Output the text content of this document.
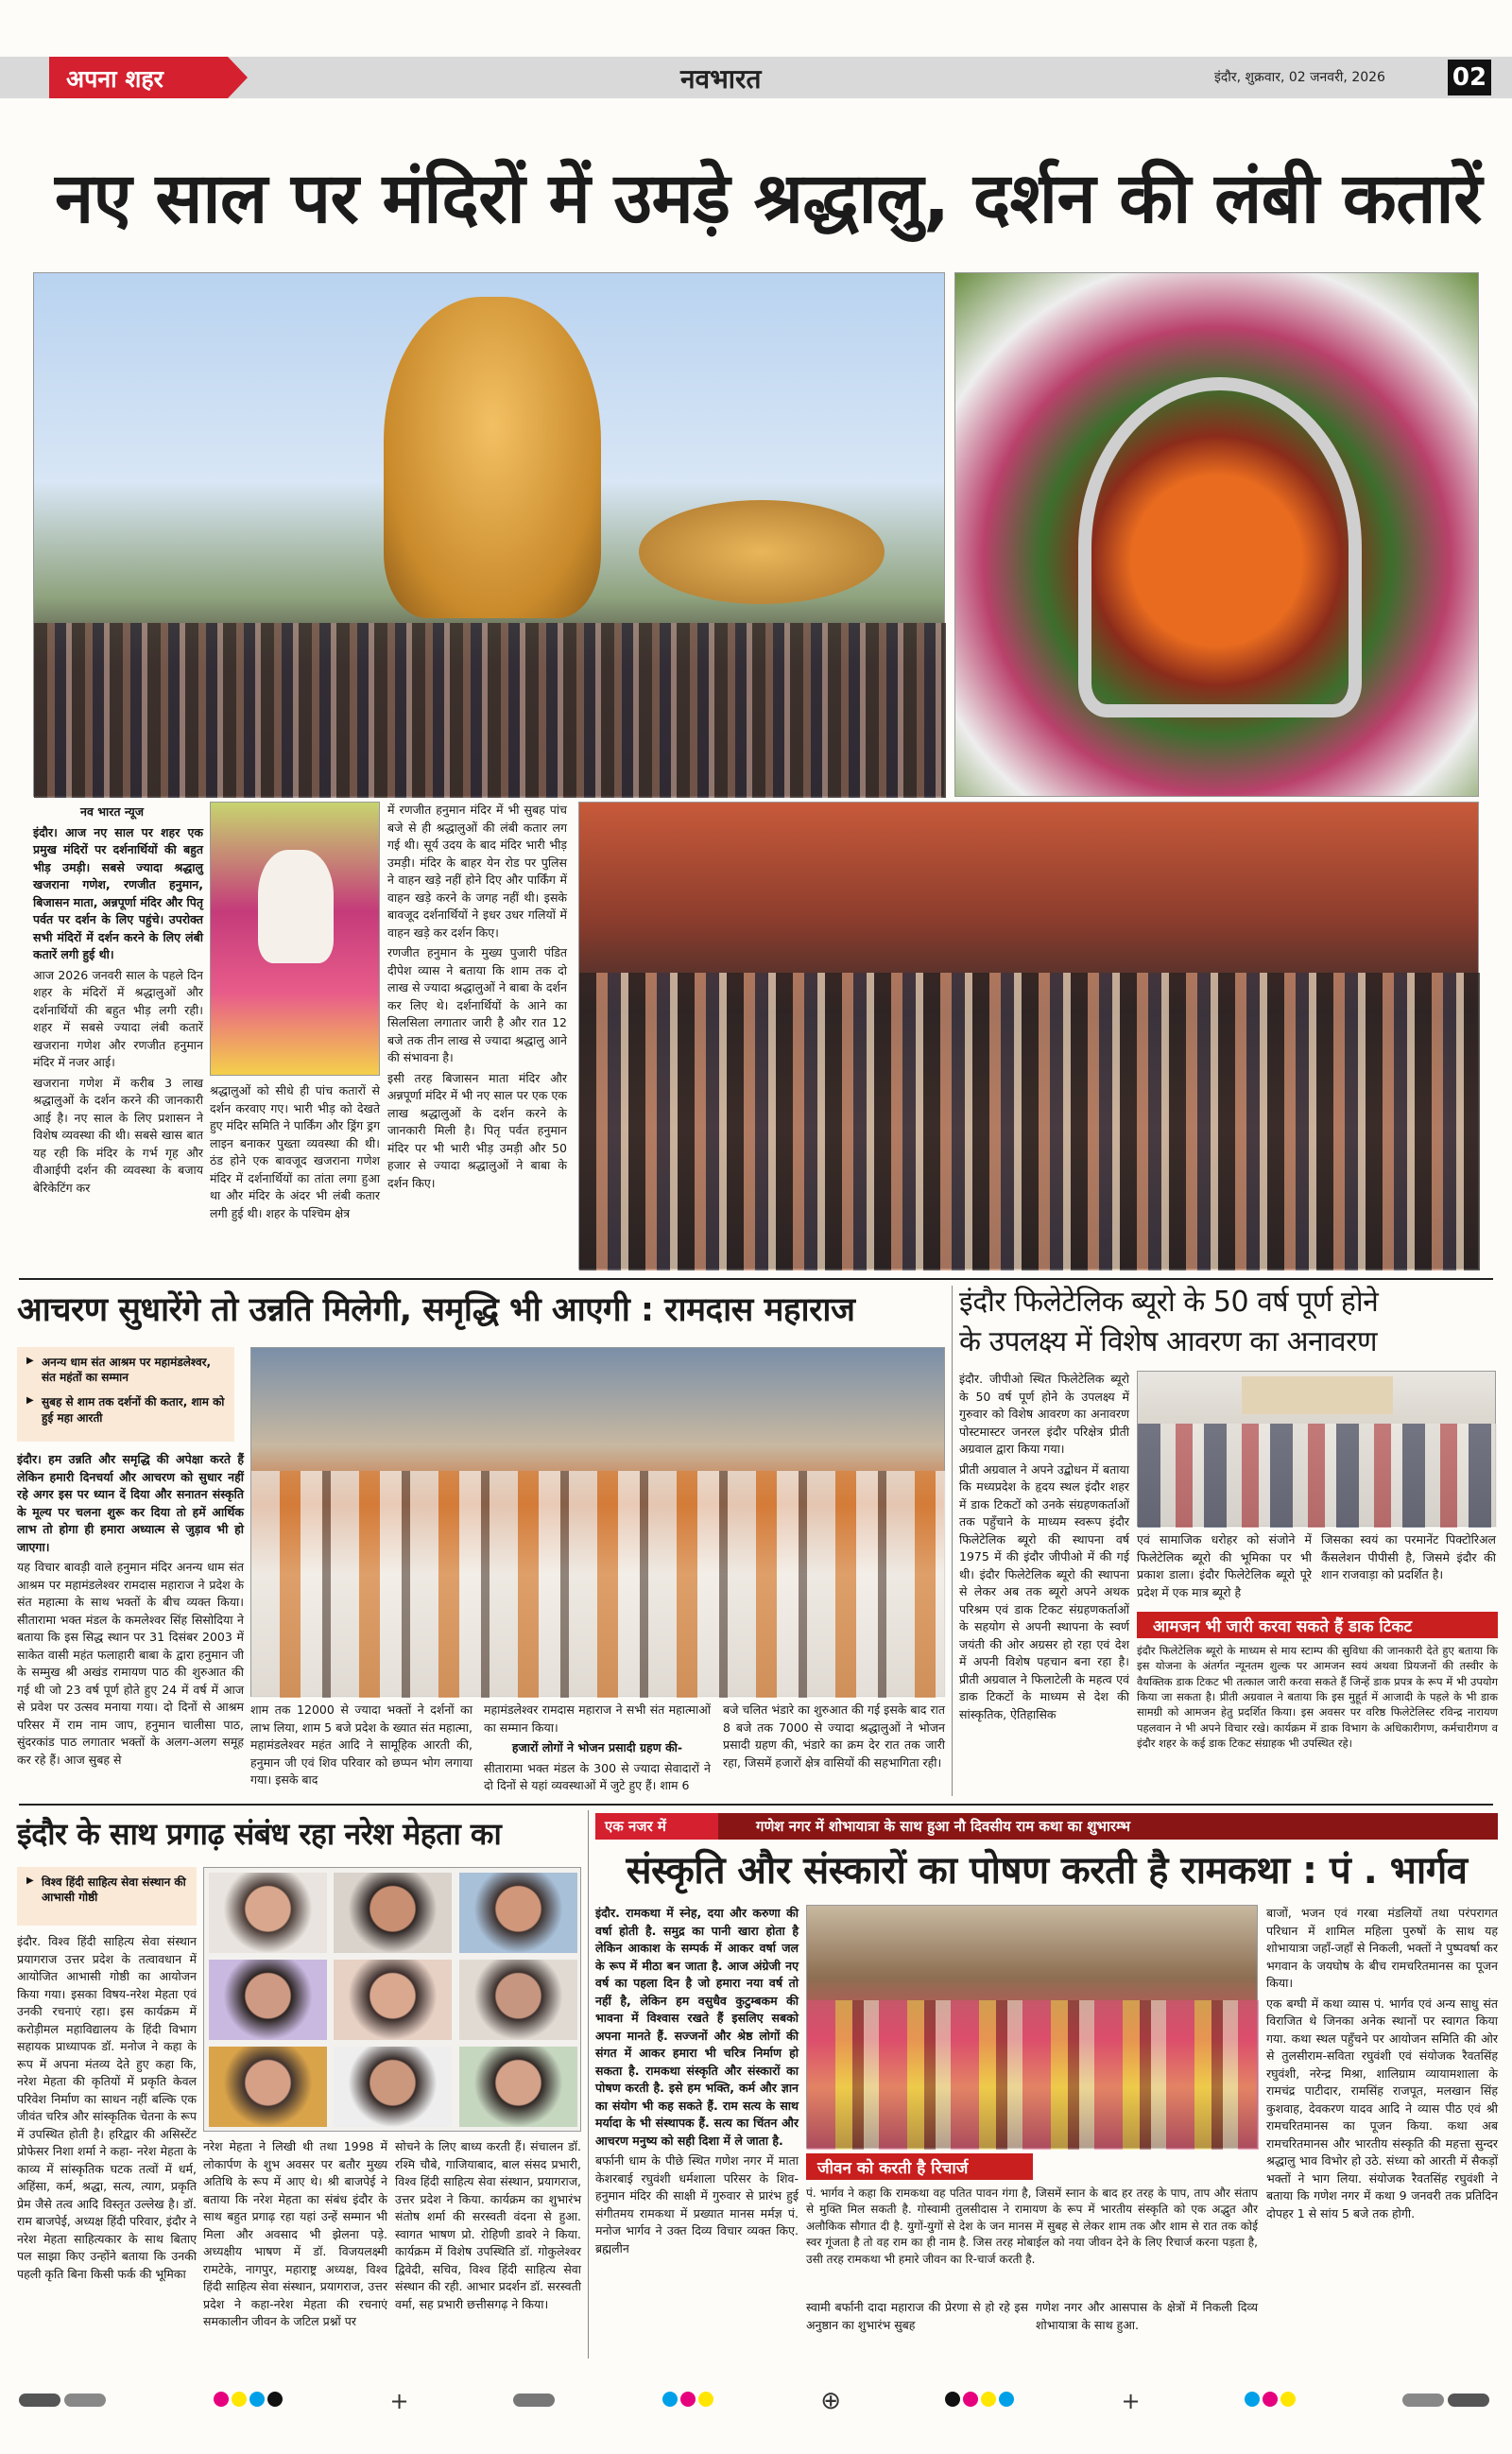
अपना शहर	नवभारत	इंदौर, शुक्रवार, 02 जनवरी, 2026	02
नए साल पर मंदिरों में उमड़े श्रद्धालु, दर्शन की लंबी कतारें

नव भारत न्यूज

इंदौर। आज नए साल पर शहर एक प्रमुख मंदिरों पर दर्शनार्थियों की बहुत भीड़ उमड़ी। सबसे ज्यादा श्रद्धालु खजराना गणेश, रणजीत हनुमान, बिजासन माता, अन्नपूर्णा मंदिर और पितृ पर्वत पर दर्शन के लिए पहुंचे। उपरोक्त सभी मंदिरों में दर्शन करने के लिए लंबी कतारें लगी हुई थी।

आज 2026 जनवरी साल के पहले दिन शहर के मंदिरों में श्रद्धालुओं और दर्शनार्थियों की बहुत भीड़ लगी रही। शहर में सबसे ज्यादा लंबी कतारें खजराना गणेश और रणजीत हनुमान मंदिर में नजर आई।

खजराना गणेश में करीब 3 लाख श्रद्धालुओं के दर्शन करने की जानकारी आई है। नए साल के लिए प्रशासन ने विशेष व्यवस्था की थी। सबसे खास बात यह रही कि मंदिर के गर्भ गृह और वीआईपी दर्शन की व्यवस्था के बजाय बेरिकेटिंग कर

श्रद्धालुओं को सीधे ही पांच कतारों से दर्शन करवाए गए। भारी भीड़ को देखते हुए मंदिर समिति ने पार्किंग और ड्रिंग ड्रग लाइन बनाकर पुख्ता व्यवस्था की थी। ठंड होने एक बावजूद खजराना गणेश मंदिर में दर्शनार्थियों का तांता लगा हुआ था और मंदिर के अंदर भी लंबी कतार लगी हुई थी। शहर के पश्चिम क्षेत्र

में रणजीत हनुमान मंदिर में भी सुबह पांच बजे से ही श्रद्धालुओं की लंबी कतार लग गई थी। सूर्य उदय के बाद मंदिर भारी भीड़ उमड़ी। मंदिर के बाहर येन रोड पर पुलिस ने वाहन खड़े नहीं होने दिए और पार्किंग में वाहन खड़े करने के जगह नहीं थी। इसके बावजूद दर्शनार्थियों ने इधर उधर गलियों में वाहन खड़े कर दर्शन किए।

रणजीत हनुमान के मुख्य पुजारी पंडित दीपेश व्यास ने बताया कि शाम तक दो लाख से ज्यादा श्रद्धालुओं ने बाबा के दर्शन कर लिए थे। दर्शनार्थियों के आने का सिलसिला लगातार जारी है और रात 12 बजे तक तीन लाख से ज्यादा श्रद्धालु आने की संभावना है।

इसी तरह बिजासन माता मंदिर और अन्नपूर्णा मंदिर में भी नए साल पर एक एक लाख श्रद्धालुओं के दर्शन करने के जानकारी मिली है। पितृ पर्वत हनुमान मंदिर पर भी भारी भीड़ उमड़ी और 50 हजार से ज्यादा श्रद्धालुओं ने बाबा के दर्शन किए।

आचरण सुधारेंगे तो उन्नति मिलेगी, समृद्धि भी आएगी : रामदास महाराज
▶ अनन्य धाम संत आश्रम पर महामंडलेश्वर, संत महंतों का सम्मान
▶ सुबह से शाम तक दर्शनों की कतार, शाम को हुई महा आरती

इंदौर। हम उन्नति और समृद्धि की अपेक्षा करते हैं लेकिन हमारी दिनचर्या और आचरण को सुधार नहीं रहे अगर इस पर ध्यान दें दिया और सनातन संस्कृति के मूल्य पर चलना शुरू कर दिया तो हमें आर्थिक लाभ तो होगा ही हमारा अध्यात्म से जुड़ाव भी हो जाएगा।

यह विचार बावड़ी वाले हनुमान मंदिर अनन्य धाम संत आश्रम पर महामंडलेश्वर रामदास महाराज ने प्रदेश के संत महात्मा के साथ भक्तों के बीच व्यक्त किया। सीतारामा भक्त मंडल के कमलेश्वर सिंह सिसोदिया ने बताया कि इस सिद्ध स्थान पर 31 दिसंबर 2003 में साकेत वासी महंत फलाहारी बाबा के द्वारा हनुमान जी के सम्मुख श्री अखंड रामायण पाठ की शुरुआत की गई थी जो 23 वर्ष पूर्ण होते हुए 24 में वर्ष में आज से प्रवेश पर उत्सव मनाया गया। दो दिनों से आश्रम परिसर में राम नाम जाप, हनुमान चालीसा पाठ, सुंदरकांड पाठ लगातार भक्तों के अलग-अलग समूह कर रहे हैं। आज सुबह से

शाम तक 12000 से ज्यादा भक्तों ने दर्शनों का लाभ लिया, शाम 5 बजे प्रदेश के ख्यात संत महात्मा, महामंडलेश्वर महंत आदि ने सामूहिक आरती की, हनुमान जी एवं शिव परिवार को छप्पन भोग लगाया गया। इसके बाद

महामंडलेश्वर रामदास महाराज ने सभी संत महात्माओं का सम्मान किया।

हजारों लोगों ने भोजन प्रसादी ग्रहण की-

सीतारामा भक्त मंडल के 300 से ज्यादा सेवादारों ने दो दिनों से यहां व्यवस्थाओं में जुटे हुए हैं। शाम 6

बजे चलित भंडारे का शुरुआत की गई इसके बाद रात 8 बजे तक 7000 से ज्यादा श्रद्धालुओं ने भोजन प्रसादी ग्रहण की, भंडारे का क्रम देर रात तक जारी रहा, जिसमें हजारों क्षेत्र वासियों की सहभागिता रही।

इंदौर फिलेटेलिक ब्यूरो के 50 वर्ष पूर्ण होने
के उपलक्ष्य में विशेष आवरण का अनावरण

इंदौर. जीपीओ स्थित फिलेटेलिक ब्यूरो के 50 वर्ष पूर्ण होने के उपलक्ष्य में गुरुवार को विशेष आवरण का अनावरण पोस्टमास्टर जनरल इंदौर परिक्षेत्र प्रीती अग्रवाल द्वारा किया गया।

प्रीती अग्रवाल ने अपने उद्बोधन में बताया कि मध्यप्रदेश के हृदय स्थल इंदौर शहर में डाक टिकटों को उनके संग्रहणकर्ताओं तक पहुँचाने के माध्यम स्वरूप इंदौर फिलेटेलिक ब्यूरो की स्थापना वर्ष 1975 में की इंदौर जीपीओ में की गई थी। इंदौर फिलेटेलिक ब्यूरो की स्थापना से लेकर अब तक ब्यूरो अपने अथक परिश्रम एवं डाक टिकट संग्रहणकर्ताओं के सहयोग से अपनी स्थापना के स्वर्ण जयंती की ओर अग्रसर हो रहा एवं देश में अपनी विशेष पहचान बना रहा है। प्रीती अग्रवाल ने फिलाटेली के महत्व एवं डाक टिकटों के माध्यम से देश की सांस्कृतिक, ऐतिहासिक

एवं सामाजिक धरोहर को संजोने में फिलेटेलिक ब्यूरो की भूमिका पर भी प्रकाश डाला। इंदौर फिलेटेलिक ब्यूरो पूरे प्रदेश में एक मात्र ब्यूरो है

जिसका स्वयं का परमानेंट पिक्टोरिअल कैंसलेशन पीपीसी है, जिसमे इंदौर की शान राजवाड़ा को प्रदर्शित है।

आमजन भी जारी करवा सकते हैं डाक टिकट

इंदौर फिलेटेलिक ब्यूरो के माध्यम से माय स्टाम्प की सुविधा की जानकारी देते हुए बताया कि इस योजना के अंतर्गत न्यूनतम शुल्क पर आमजन स्वयं अथवा प्रियजनों की तस्वीर के वैयक्तिक डाक टिकट भी तत्काल जारी करवा सकते हैं जिन्हें डाक प्रपत्र के रूप में भी उपयोग किया जा सकता है। प्रीती अग्रवाल ने बताया कि इस मुहूर्त में आजादी के पहले के भी डाक सामग्री को आमजन हेतु प्रदर्शित किया। इस अवसर पर वरिष्ठ फिलेटेलिस्ट रविन्द्र नारायण पहलवान ने भी अपने विचार रखे। कार्यक्रम में डाक विभाग के अधिकारीगण, कर्मचारीगण व इंदौर शहर के कई डाक टिकट संग्राहक भी उपस्थित रहे।

इंदौर के साथ प्रगाढ़ संबंध रहा नरेश मेहता का
▶ विश्व हिंदी साहित्य सेवा संस्थान की आभासी गोष्ठी

इंदौर. विश्व हिंदी साहित्य सेवा संस्थान प्रयागराज उत्तर प्रदेश के तत्वावधान में आयोजित आभासी गोष्ठी का आयोजन किया गया। इसका विषय-नरेश मेहता एवं उनकी रचनाएं रहा। इस कार्यक्रम में करोड़ीमल महाविद्यालय के हिंदी विभाग सहायक प्राध्यापक डॉ. मनोज ने कहा के रूप में अपना मंतव्य देते हुए कहा कि, नरेश मेहता की कृतियों में प्रकृति केवल परिवेश निर्माण का साधन नहीं बल्कि एक जीवंत चरित्र और सांस्कृतिक चेतना के रूप में उपस्थित होती है। हरिद्वार की असिस्टेंट प्रोफेसर निशा शर्मा ने कहा- नरेश मेहता के काव्य में सांस्कृतिक घटक तत्वों में धर्म, अहिंसा, कर्म, श्रद्धा, सत्य, त्याग, प्रकृति प्रेम जैसे तत्व आदि विस्तृत उल्लेख है। डॉ. राम बाजपेई, अध्यक्ष हिंदी परिवार, इंदौर ने नरेश मेहता साहित्यकार के साथ बिताए पल साझा किए उन्होंने बताया कि उनकी पहली कृति बिना किसी फर्क की भूमिका

नरेश मेहता ने लिखी थी तथा 1998 में लोकार्पण के शुभ अवसर पर बतौर मुख्य अतिथि के रूप में आए थे। श्री बाजपेई ने बताया कि नरेश मेहता का संबंध इंदौर के साथ बहुत प्रगाढ़ रहा यहां उन्हें सम्मान भी मिला और अवसाद भी झेलना पड़े. अध्यक्षीय भाषण में डॉ. विजयलक्ष्मी रामटेके, नागपुर, महाराष्ट्र अध्यक्ष, विश्व हिंदी साहित्य सेवा संस्थान, प्रयागराज, उत्तर प्रदेश ने कहा-नरेश मेहता की रचनाएं समकालीन जीवन के जटिल प्रश्नों पर

सोचने के लिए बाध्य करती हैं। संचालन डॉ. रश्मि चौबे, गाजियाबाद, बाल संसद प्रभारी, विश्व हिंदी साहित्य सेवा संस्थान, प्रयागराज, उत्तर प्रदेश ने किया. कार्यक्रम का शुभारंभ संतोष शर्मा की सरस्वती वंदना से हुआ. स्वागत भाषण प्रो. रोहिणी डावरे ने किया. कार्यक्रम में विशेष उपस्थिति डॉ. गोकुलेश्वर द्विवेदी, सचिव, विश्व हिंदी साहित्य सेवा संस्थान की रही. आभार प्रदर्शन डॉ. सरस्वती वर्मा, सह प्रभारी छत्तीसगढ़ ने किया।

एक नजर में	गणेश नगर में शोभायात्रा के साथ हुआ नौ दिवसीय राम कथा का शुभारम्भ
संस्कृति और संस्कारों का पोषण करती है रामकथा : पं . भार्गव

इंदौर. रामकथा में स्नेह, दया और करुणा की वर्षा होती है. समुद्र का पानी खारा होता है लेकिन आकाश के सम्पर्क में आकर वर्षा जल के रूप में मीठा बन जाता है. आज अंग्रेजी नए वर्ष का पहला दिन है जो हमारा नया वर्ष तो नहीं है, लेकिन हम वसुधैव कुटुम्बकम की भावना में विश्वास रखते हैं इसलिए सबको अपना मानते हैं. सज्जनों और श्रेष्ठ लोगों की संगत में आकर हमारा भी चरित्र निर्माण हो सकता है. रामकथा संस्कृति और संस्कारों का पोषण करती है. इसे हम भक्ति, कर्म और ज्ञान का संयोग भी कह सकते हैं. राम सत्य के साथ मर्यादा के भी संस्थापक हैं. सत्य का चिंतन और आचरण मनुष्य को सही दिशा में ले जाता है.

बर्फानी धाम के पीछे स्थित गणेश नगर में माता केशरबाई रघुवंशी धर्मशाला परिसर के शिव-हनुमान मंदिर की साक्षी में गुरुवार से प्रारंभ हुई संगीतमय रामकथा में प्रख्यात मानस मर्मज्ञ पं. मनोज भार्गव ने उक्त दिव्य विचार व्यक्त किए. ब्रह्मलीन

जीवन को करती है रिचार्ज

पं. भार्गव ने कहा कि रामकथा वह पतित पावन गंगा है, जिसमें स्नान के बाद हर तरह के पाप, ताप और संताप से मुक्ति मिल सकती है. गोस्वामी तुलसीदास ने रामायण के रूप में भारतीय संस्कृति को एक अद्भुत और अलौकिक सौगात दी है. युगों-युगों से देश के जन मानस में सुबह से लेकर शाम तक और शाम से रात तक कोई स्वर गूंजता है तो वह राम का ही नाम है. जिस तरह मोबाईल को नया जीवन देने के लिए रिचार्ज करना पड़ता है, उसी तरह रामकथा भी हमारे जीवन का रि-चार्ज करती है.

स्वामी बर्फानी दादा महाराज की प्रेरणा से हो रहे इस अनुष्ठान का शुभारंभ सुबह

गणेश नगर और आसपास के क्षेत्रों में निकली दिव्य शोभायात्रा के साथ हुआ.

बाजों, भजन एवं गरबा मंडलियों तथा परंपरागत परिधान में शामिल महिला पुरुषों के साथ यह शोभायात्रा जहाँ-जहाँ से निकली, भक्तों ने पुष्पवर्षा कर भगवान के जयघोष के बीच रामचरितमानस का पूजन किया।

एक बग्घी में कथा व्यास पं. भार्गव एवं अन्य साधु संत विराजित थे जिनका अनेक स्थानों पर स्वागत किया गया. कथा स्थल पहुँचने पर आयोजन समिति की ओर से तुलसीराम-सविता रघुवंशी एवं संयोजक रैवतसिंह रघुवंशी, नरेन्द्र मिश्रा, शालिग्राम व्यायामशाला के रामचंद्र पाटीदार, रामसिंह राजपूत, मलखान सिंह कुशवाह, देवकरण यादव आदि ने व्यास पीठ एवं श्री रामचरितमानस का पूजन किया. कथा अब रामचरितमानस और भारतीय संस्कृति की महत्ता सुन्दर श्रद्धालु भाव विभोर हो उठे. संध्या को आरती में सैकड़ों भक्तों ने भाग लिया. संयोजक रैवतसिंह रघुवंशी ने बताया कि गणेश नगर में कथा 9 जनवरी तक प्रतिदिन दोपहर 1 से सांय 5 बजे तक होगी.

+	⊕	+
